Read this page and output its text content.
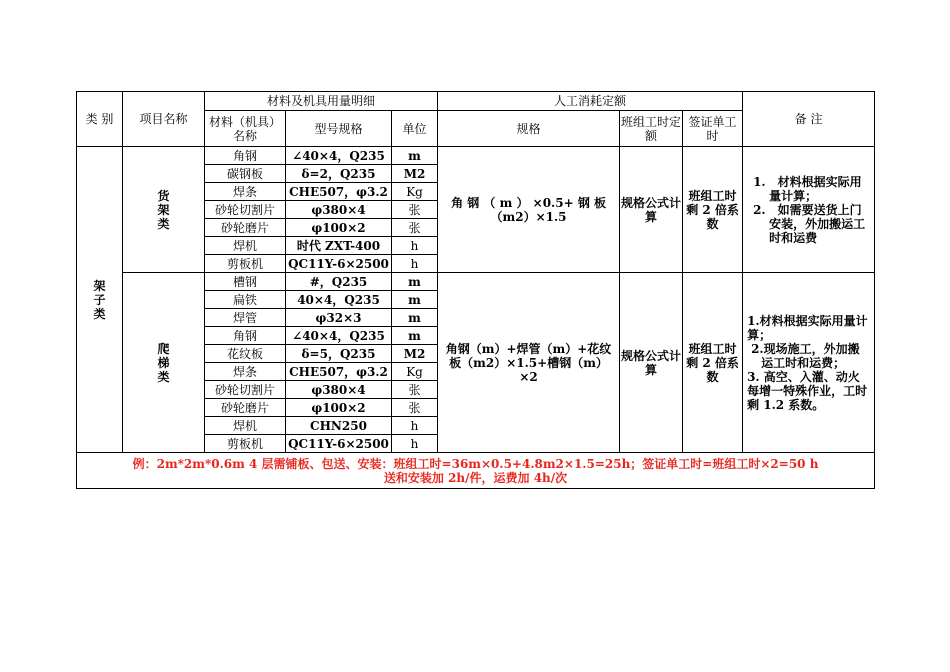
类 别	项目名称	材料及机具用量明细			人工消耗定额			备 注
		材料（机具）名称	型号规格	单位	规格	班组工时定额	签证单工时	
架子类	货架类	角钢	∠40×4，Q235	m	角 钢 （ m ） ×0.5+ 钢 板（m2）×1.5	规格公式计算	班组工时剩 2 倍系数	1.　材料根据实际用量计算；
2.　如需要送货上门安装，外加搬运工时和运费

		碳钢板	δ=2，Q235	M2				
		焊条	CHE507，φ3.2	Kg				
		砂轮切割片	φ380×4	张				
		砂轮磨片	φ100×2	张				
		焊机	时代 ZXT-400	h				
		剪板机	QC11Y-6×2500	h				
	爬梯类	槽钢	#，Q235	m	角钢（m）+焊管（m）+花纹板（m2）×1.5+槽钢（m）×2	规格公式计算	班组工时剩 2 倍系数	1.材料根据实际用量计算；
2.现场施工，外加搬运工时和运费；
3. 高空、入灌、动火每增一特殊作业，工时剩 1.2 系数。

		扁铁	40×4，Q235	m				
		焊管	φ32×3	m				
		角钢	∠40×4，Q235	m				
		花纹板	δ=5，Q235	M2				
		焊条	CHE507，φ3.2	Kg				
		砂轮切割片	φ380×4	张				
		砂轮磨片	φ100×2	张				
		焊机	CHN250	h				
		剪板机	QC11Y-6×2500	h				

例：2m*2m*0.6m 4 层需铺板、包送、安装：班组工时=36m×0.5+4.8m2×1.5=25h；签证单工时=班组工时×2=50 h
送和安装加 2h/件，运费加 4h/次								
